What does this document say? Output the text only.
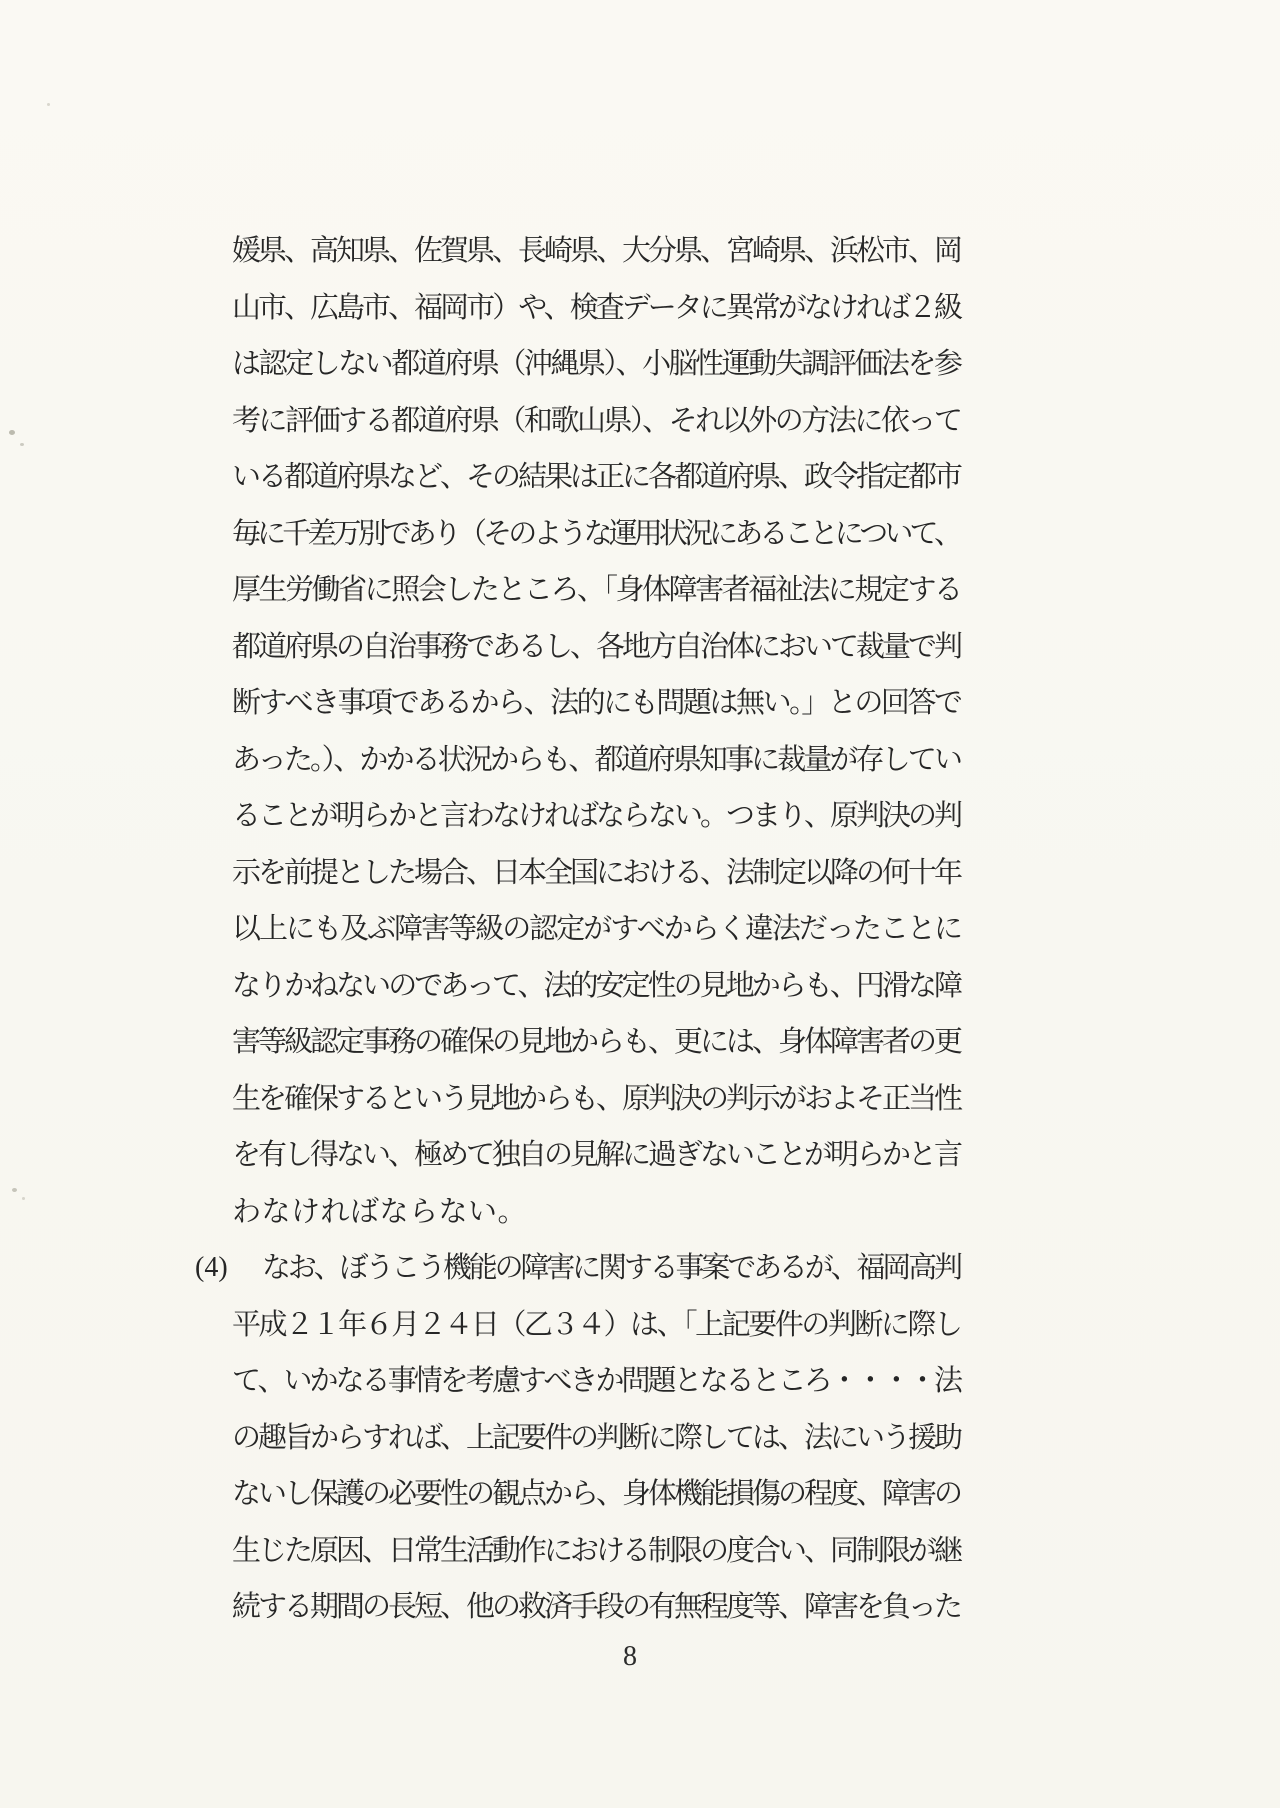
媛県、高知県、佐賀県、長崎県、大分県、宮崎県、浜松市、岡
山市、広島市、福岡市）や、検査データに異常がなければ２級
は認定しない都道府県（沖縄県）、小脳性運動失調評価法を参
考に評価する都道府県（和歌山県）、それ以外の方法に依って
いる都道府県など、その結果は正に各都道府県、政令指定都市
毎に千差万別であり（そのような運用状況にあることについて、
厚生労働省に照会したところ、「身体障害者福祉法に規定する
都道府県の自治事務であるし、各地方自治体において裁量で判
断すべき事項であるから、法的にも問題は無い。」との回答で
あった。）、かかる状況からも、都道府県知事に裁量が存してい
ることが明らかと言わなければならない。つまり、原判決の判
示を前提とした場合、日本全国における、法制定以降の何十年
以上にも及ぶ障害等級の認定がすべからく違法だったことに
なりかねないのであって、法的安定性の見地からも、円滑な障
害等級認定事務の確保の見地からも、更には、身体障害者の更
生を確保するという見地からも、原判決の判示がおよそ正当性
を有し得ない、極めて独自の見解に過ぎないことが明らかと言
わなければならない。
(4) なお、ぼうこう機能の障害に関する事案であるが、福岡高判
平成２１年６月２４日（乙３４）は、「上記要件の判断に際し
て、いかなる事情を考慮すべきか問題となるところ・・・・法
の趣旨からすれば、上記要件の判断に際しては、法にいう援助
ないし保護の必要性の観点から、身体機能損傷の程度、障害の
生じた原因、日常生活動作における制限の度合い、同制限が継
続する期間の長短、他の救済手段の有無程度等、障害を負った
8
